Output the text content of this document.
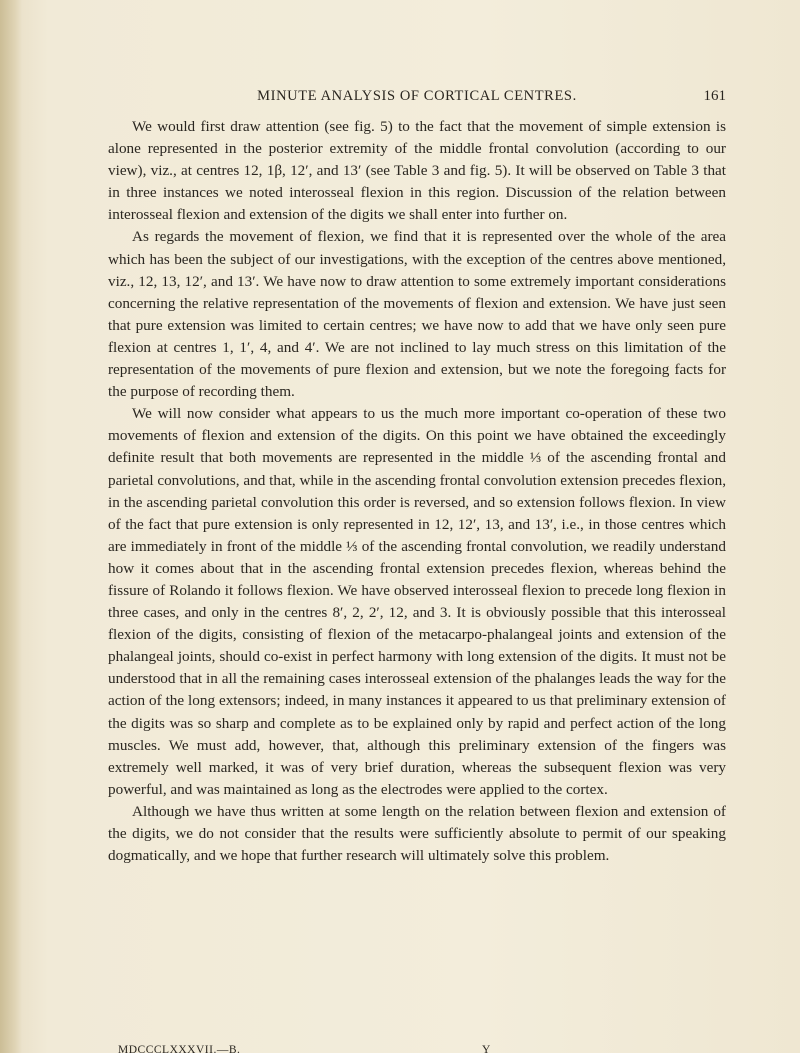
MINUTE ANALYSIS OF CORTICAL CENTRES.	161

We would first draw attention (see fig. 5) to the fact that the movement of simple extension is alone represented in the posterior extremity of the middle frontal convolution (according to our view), viz., at centres 12, 1β, 12′, and 13′ (see Table 3 and fig. 5). It will be observed on Table 3 that in three instances we noted interosseal flexion in this region. Discussion of the relation between interosseal flexion and extension of the digits we shall enter into further on.

As regards the movement of flexion, we find that it is represented over the whole of the area which has been the subject of our investigations, with the exception of the centres above mentioned, viz., 12, 13, 12′, and 13′. We have now to draw attention to some extremely important considerations concerning the relative representation of the movements of flexion and extension. We have just seen that pure extension was limited to certain centres; we have now to add that we have only seen pure flexion at centres 1, 1′, 4, and 4′. We are not inclined to lay much stress on this limitation of the representation of the movements of pure flexion and extension, but we note the foregoing facts for the purpose of recording them.

We will now consider what appears to us the much more important co-operation of these two movements of flexion and extension of the digits. On this point we have obtained the exceedingly definite result that both movements are represented in the middle ⅓ of the ascending frontal and parietal convolutions, and that, while in the ascending frontal convolution extension precedes flexion, in the ascending parietal convolution this order is reversed, and so extension follows flexion. In view of the fact that pure extension is only represented in 12, 12′, 13, and 13′, i.e., in those centres which are immediately in front of the middle ⅓ of the ascending frontal convolution, we readily understand how it comes about that in the ascending frontal extension precedes flexion, whereas behind the fissure of Rolando it follows flexion. We have observed interosseal flexion to precede long flexion in three cases, and only in the centres 8′, 2, 2′, 12, and 3. It is obviously possible that this interosseal flexion of the digits, consisting of flexion of the metacarpo-phalangeal joints and extension of the phalangeal joints, should co-exist in perfect harmony with long extension of the digits. It must not be understood that in all the remaining cases interosseal extension of the phalanges leads the way for the action of the long extensors; indeed, in many instances it appeared to us that preliminary extension of the digits was so sharp and complete as to be explained only by rapid and perfect action of the long muscles. We must add, however, that, although this preliminary extension of the fingers was extremely well marked, it was of very brief duration, whereas the subsequent flexion was very powerful, and was maintained as long as the electrodes were applied to the cortex.

Although we have thus written at some length on the relation between flexion and extension of the digits, we do not consider that the results were sufficiently absolute to permit of our speaking dogmatically, and we hope that further research will ultimately solve this problem.

MDCCCLXXXVII.—B.	Y
